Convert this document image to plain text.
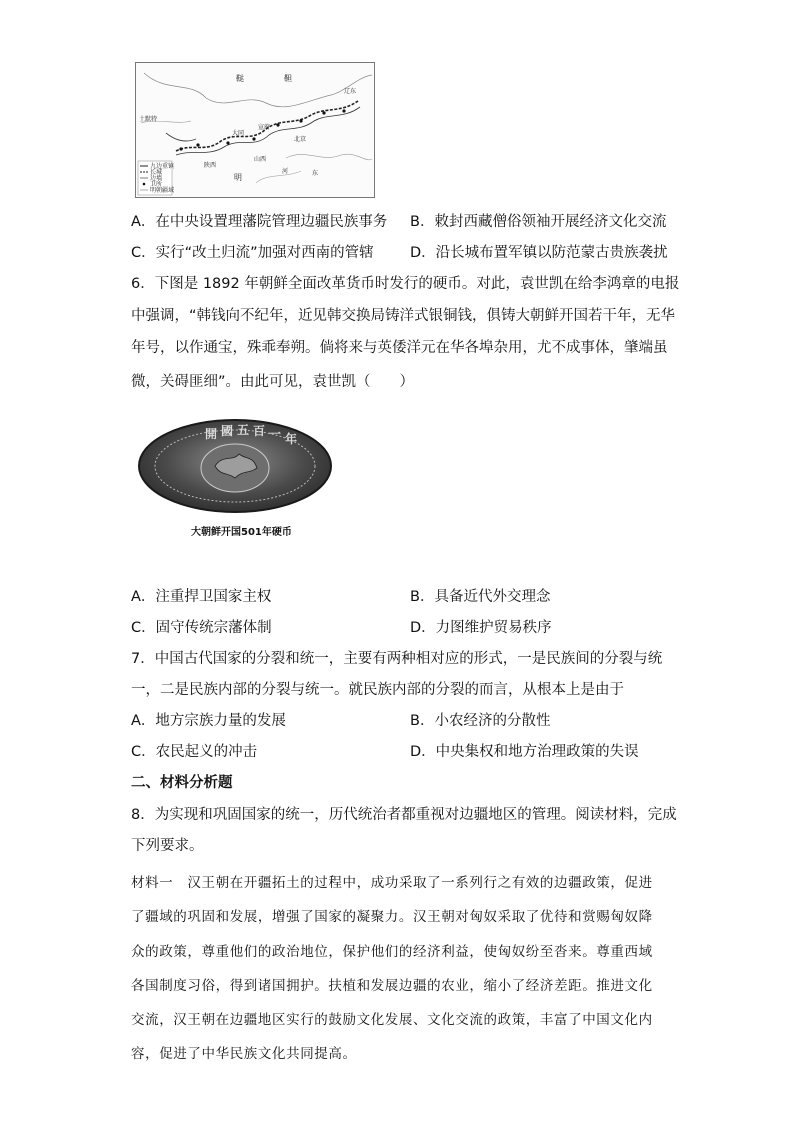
鞑	靼
明
土默特
宣府
大同
北京
陕西
山西
辽东
河	东
九边重镇
长城
边墙
卫所
明朝疆域
A．在中央设置理藩院管理边疆民族事务 B．敕封西藏僧俗领袖开展经济文化交流
C．实行“改土归流”加强对西南的管辖	D．沿长城布置军镇以防范蒙古贵族袭扰
6．下图是 1892 年朝鲜全面改革货币时发行的硬币。对此，袁世凯在给李鸿章的电报
中强调，“韩钱向不纪年，近见韩交换局铸洋式银铜钱，俱铸大朝鲜开国若干年，无华
年号，以作通宝，殊乖奉朔。倘将来与英倭洋元在华各埠杂用，尤不成事体，肇端虽
微，关碍匪细”。由此可见，袁世凯（　　）
開 國 五 百 一 年
大朝鲜开国501年硬币
A．注重捍卫国家主权	B．具备近代外交理念
C．固守传统宗藩体制	D．力图维护贸易秩序
7．中国古代国家的分裂和统一，主要有两种相对应的形式，一是民族间的分裂与统
一，二是民族内部的分裂与统一。就民族内部的分裂的而言，从根本上是由于
A．地方宗族力量的发展	B．小农经济的分散性
C．农民起义的冲击	D．中央集权和地方治理政策的失误
二、材料分析题
8．为实现和巩固国家的统一，历代统治者都重视对边疆地区的管理。阅读材料，完成
下列要求。
材料一　汉王朝在开疆拓土的过程中，成功采取了一系列行之有效的边疆政策，促进
了疆域的巩固和发展，增强了国家的凝聚力。汉王朝对匈奴采取了优待和赏赐匈奴降
众的政策，尊重他们的政治地位，保护他们的经济利益，使匈奴纷至沓来。尊重西域
各国制度习俗，得到诸国拥护。扶植和发展边疆的农业，缩小了经济差距。推进文化
交流，汉王朝在边疆地区实行的鼓励文化发展、文化交流的政策，丰富了中国文化内
容，促进了中华民族文化共同提高。
